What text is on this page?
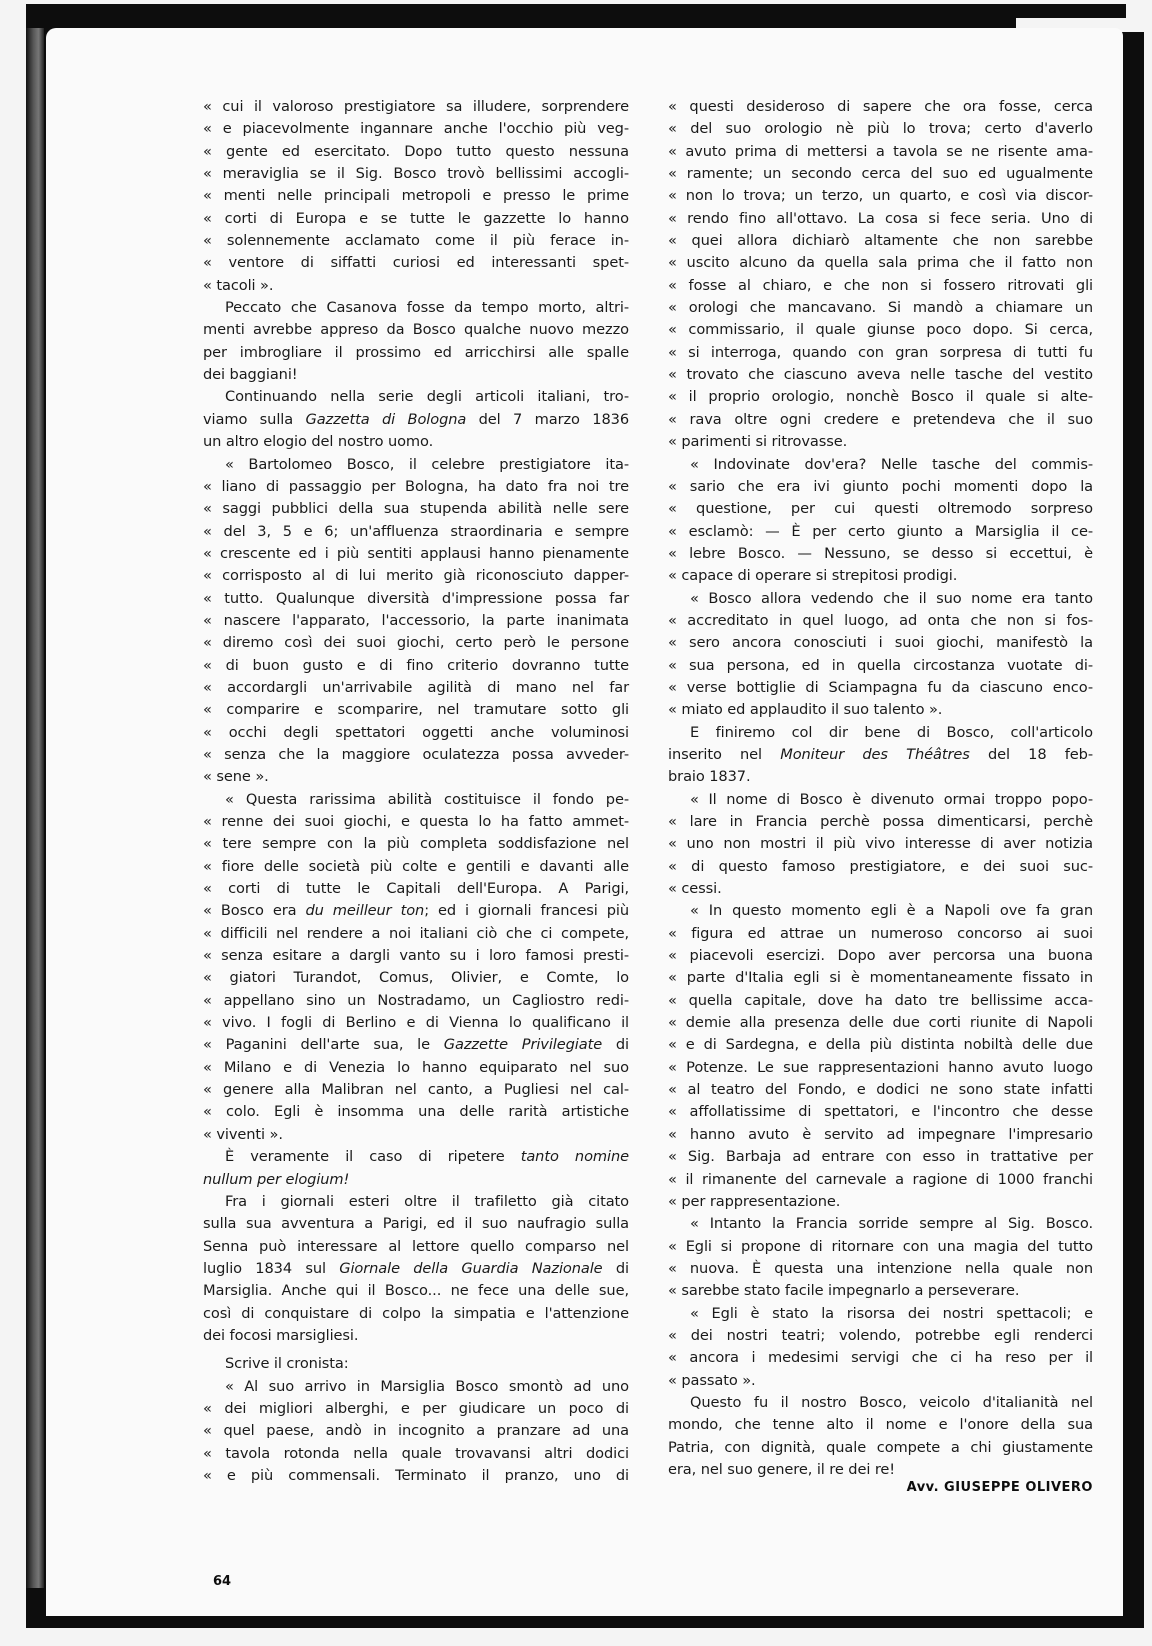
« cui il valoroso prestigiatore sa illudere, sorprendere
« e piacevolmente ingannare anche l'occhio più veg-
« gente ed esercitato. Dopo tutto questo nessuna
« meraviglia se il Sig. Bosco trovò bellissimi accogli-
« menti nelle principali metropoli e presso le prime
« corti di Europa e se tutte le gazzette lo hanno
« solennemente acclamato come il più ferace in-
« ventore di siffatti curiosi ed interessanti spet-
« tacoli ».
Peccato che Casanova fosse da tempo morto, altri-
menti avrebbe appreso da Bosco qualche nuovo mezzo
per imbrogliare il prossimo ed arricchirsi alle spalle
dei baggiani!
Continuando nella serie degli articoli italiani, tro-
viamo sulla Gazzetta di Bologna del 7 marzo 1836
un altro elogio del nostro uomo.
« Bartolomeo Bosco, il celebre prestigiatore ita-
« liano di passaggio per Bologna, ha dato fra noi tre
« saggi pubblici della sua stupenda abilità nelle sere
« del 3, 5 e 6; un'affluenza straordinaria e sempre
« crescente ed i più sentiti applausi hanno pienamente
« corrisposto al di lui merito già riconosciuto dapper-
« tutto. Qualunque diversità d'impressione possa far
« nascere l'apparato, l'accessorio, la parte inanimata
« diremo così dei suoi giochi, certo però le persone
« di buon gusto e di fino criterio dovranno tutte
« accordargli un'arrivabile agilità di mano nel far
« comparire e scomparire, nel tramutare sotto gli
« occhi degli spettatori oggetti anche voluminosi
« senza che la maggiore oculatezza possa avveder-
« sene ».
« Questa rarissima abilità costituisce il fondo pe-
« renne dei suoi giochi, e questa lo ha fatto ammet-
« tere sempre con la più completa soddisfazione nel
« fiore delle società più colte e gentili e davanti alle
« corti di tutte le Capitali dell'Europa. A Parigi,
« Bosco era du meilleur ton; ed i giornali francesi più
« difficili nel rendere a noi italiani ciò che ci compete,
« senza esitare a dargli vanto su i loro famosi presti-
« giatori Turandot, Comus, Olivier, e Comte, lo
« appellano sino un Nostradamo, un Cagliostro redi-
« vivo. I fogli di Berlino e di Vienna lo qualificano il
« Paganini dell'arte sua, le Gazzette Privilegiate di
« Milano e di Venezia lo hanno equiparato nel suo
« genere alla Malibran nel canto, a Pugliesi nel cal-
« colo. Egli è insomma una delle rarità artistiche
« viventi ».
È veramente il caso di ripetere tanto nomine
nullum per elogium!
Fra i giornali esteri oltre il trafiletto già citato
sulla sua avventura a Parigi, ed il suo naufragio sulla
Senna può interessare al lettore quello comparso nel
luglio 1834 sul Giornale della Guardia Nazionale di
Marsiglia. Anche qui il Bosco... ne fece una delle sue,
così di conquistare di colpo la simpatia e l'attenzione
dei focosi marsigliesi.
Scrive il cronista:
« Al suo arrivo in Marsiglia Bosco smontò ad uno
« dei migliori alberghi, e per giudicare un poco di
« quel paese, andò in incognito a pranzare ad una
« tavola rotonda nella quale trovavansi altri dodici
« e più commensali. Terminato il pranzo, uno di
« questi desideroso di sapere che ora fosse, cerca
« del suo orologio nè più lo trova; certo d'averlo
« avuto prima di mettersi a tavola se ne risente ama-
« ramente; un secondo cerca del suo ed ugualmente
« non lo trova; un terzo, un quarto, e così via discor-
« rendo fino all'ottavo. La cosa si fece seria. Uno di
« quei allora dichiarò altamente che non sarebbe
« uscito alcuno da quella sala prima che il fatto non
« fosse al chiaro, e che non si fossero ritrovati gli
« orologi che mancavano. Si mandò a chiamare un
« commissario, il quale giunse poco dopo. Si cerca,
« si interroga, quando con gran sorpresa di tutti fu
« trovato che ciascuno aveva nelle tasche del vestito
« il proprio orologio, nonchè Bosco il quale si alte-
« rava oltre ogni credere e pretendeva che il suo
« parimenti si ritrovasse.
« Indovinate dov'era? Nelle tasche del commis-
« sario che era ivi giunto pochi momenti dopo la
« questione, per cui questi oltremodo sorpreso
« esclamò: — È per certo giunto a Marsiglia il ce-
« lebre Bosco. — Nessuno, se desso si eccettui, è
« capace di operare si strepitosi prodigi.
« Bosco allora vedendo che il suo nome era tanto
« accreditato in quel luogo, ad onta che non si fos-
« sero ancora conosciuti i suoi giochi, manifestò la
« sua persona, ed in quella circostanza vuotate di-
« verse bottiglie di Sciampagna fu da ciascuno enco-
« miato ed applaudito il suo talento ».
E finiremo col dir bene di Bosco, coll'articolo
inserito nel Moniteur des Théâtres del 18 feb-
braio 1837.
« Il nome di Bosco è divenuto ormai troppo popo-
« lare in Francia perchè possa dimenticarsi, perchè
« uno non mostri il più vivo interesse di aver notizia
« di questo famoso prestigiatore, e dei suoi suc-
« cessi.
« In questo momento egli è a Napoli ove fa gran
« figura ed attrae un numeroso concorso ai suoi
« piacevoli esercizi. Dopo aver percorsa una buona
« parte d'Italia egli si è momentaneamente fissato in
« quella capitale, dove ha dato tre bellissime acca-
« demie alla presenza delle due corti riunite di Napoli
« e di Sardegna, e della più distinta nobiltà delle due
« Potenze. Le sue rappresentazioni hanno avuto luogo
« al teatro del Fondo, e dodici ne sono state infatti
« affollatissime di spettatori, e l'incontro che desse
« hanno avuto è servito ad impegnare l'impresario
« Sig. Barbaja ad entrare con esso in trattative per
« il rimanente del carnevale a ragione di 1000 franchi
« per rappresentazione.
« Intanto la Francia sorride sempre al Sig. Bosco.
« Egli si propone di ritornare con una magia del tutto
« nuova. È questa una intenzione nella quale non
« sarebbe stato facile impegnarlo a perseverare.
« Egli è stato la risorsa dei nostri spettacoli; e
« dei nostri teatri; volendo, potrebbe egli renderci
« ancora i medesimi servigi che ci ha reso per il
« passato ».
Questo fu il nostro Bosco, veicolo d'italianità nel
mondo, che tenne alto il nome e l'onore della sua
Patria, con dignità, quale compete a chi giustamente
era, nel suo genere, il re dei re!
Avv. GIUSEPPE OLIVERO
64
